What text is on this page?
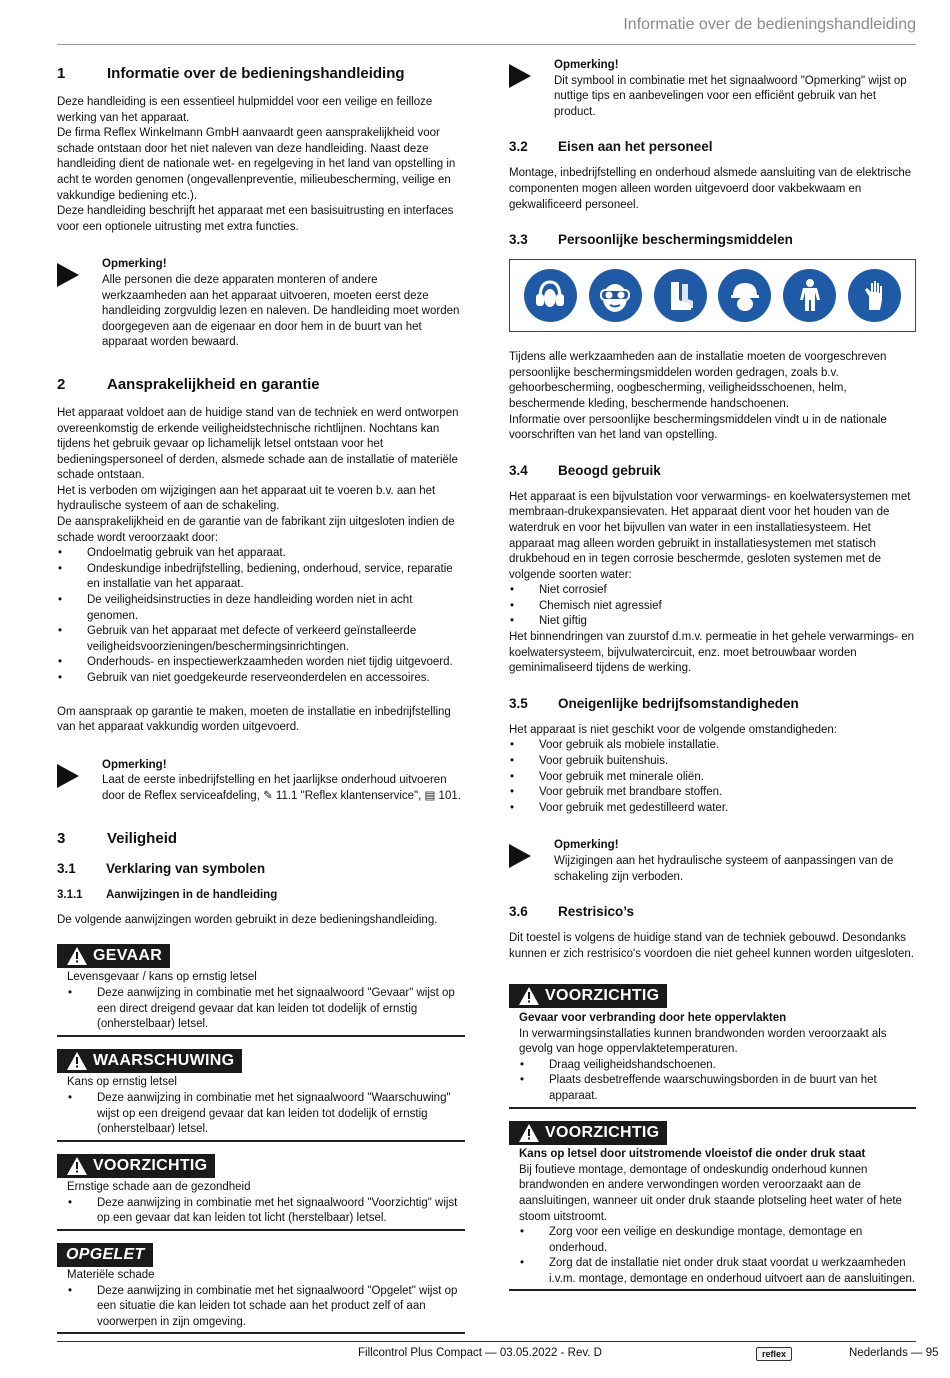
Informatie over de bedieningshandleiding
1	Informatie over de bedieningshandleiding

Deze handleiding is een essentieel hulpmiddel voor een veilige en feilloze werking van het apparaat.

De firma Reflex Winkelmann GmbH aanvaardt geen aansprakelijkheid voor schade ontstaan door het niet naleven van deze handleiding. Naast deze handleiding dient de nationale wet- en regelgeving in het land van opstelling in acht te worden genomen (ongevallenpreventie, milieubescherming, veilige en vakkundige bediening etc.).

Deze handleiding beschrijft het apparaat met een basisuitrusting en interfaces voor een optionele uitrusting met extra functies.

Opmerking!

Alle personen die deze apparaten monteren of andere werkzaamheden aan het apparaat uitvoeren, moeten eerst deze handleiding zorgvuldig lezen en naleven. De handleiding moet worden doorgegeven aan de eigenaar en door hem in de buurt van het apparaat worden bewaard.

2	Aansprakelijkheid en garantie

Het apparaat voldoet aan de huidige stand van de techniek en werd ontworpen overeenkomstig de erkende veiligheidstechnische richtlijnen. Nochtans kan tijdens het gebruik gevaar op lichamelijk letsel ontstaan voor het bedieningspersoneel of derden, alsmede schade aan de installatie of materiële schade ontstaan.

Het is verboden om wijzigingen aan het apparaat uit te voeren b.v. aan het hydraulische systeem of aan de schakeling.

De aansprakelijkheid en de garantie van de fabrikant zijn uitgesloten indien de schade wordt veroorzaakt door:

• Ondoelmatig gebruik van het apparaat.
• Ondeskundige inbedrijfstelling, bediening, onderhoud, service, reparatie en installatie van het apparaat.
• De veiligheidsinstructies in deze handleiding worden niet in acht genomen.
• Gebruik van het apparaat met defecte of verkeerd geïnstalleerde veiligheidsvoorzieningen/beschermingsinrichtingen.
• Onderhouds- en inspectiewerkzaamheden worden niet tijdig uitgevoerd.
• Gebruik van niet goedgekeurde reserveonderdelen en accessoires.

Om aanspraak op garantie te maken, moeten de installatie en inbedrijfstelling van het apparaat vakkundig worden uitgevoerd.

Opmerking!

Laat de eerste inbedrijfstelling en het jaarlijkse onderhoud uitvoeren door de Reflex serviceafdeling, ✎ 11.1 "Reflex klantenservice", ▤ 101.

3	Veiligheid
3.1	Verklaring van symbolen
3.1.1	Aanwijzingen in de handleiding

De volgende aanwijzingen worden gebruikt in deze bedieningshandleiding.

GEVAAR

Levensgevaar / kans op ernstig letsel

• Deze aanwijzing in combinatie met het signaalwoord "Gevaar" wijst op een direct dreigend gevaar dat kan leiden tot dodelijk of ernstig (onherstelbaar) letsel.
WAARSCHUWING

Kans op ernstig letsel

• Deze aanwijzing in combinatie met het signaalwoord "Waarschuwing" wijst op een dreigend gevaar dat kan leiden tot dodelijk of ernstig (onherstelbaar) letsel.
VOORZICHTIG

Ernstige schade aan de gezondheid

• Deze aanwijzing in combinatie met het signaalwoord "Voorzichtig" wijst op een gevaar dat kan leiden tot licht (herstelbaar) letsel.
OPGELET

Materiële schade

• Deze aanwijzing in combinatie met het signaalwoord "Opgelet" wijst op een situatie die kan leiden tot schade aan het product zelf of aan voorwerpen in zijn omgeving.

Opmerking!

Dit symbool in combinatie met het signaalwoord "Opmerking" wijst op nuttige tips en aanbevelingen voor een efficiënt gebruik van het product.

3.2	Eisen aan het personeel

Montage, inbedrijfstelling en onderhoud alsmede aansluiting van de elektrische componenten mogen alleen worden uitgevoerd door vakbekwaam en gekwalificeerd personeel.

3.3	Persoonlijke beschermingsmiddelen

Tijdens alle werkzaamheden aan de installatie moeten de voorgeschreven persoonlijke beschermingsmiddelen worden gedragen, zoals b.v. gehoorbescherming, oogbescherming, veiligheidsschoenen, helm, beschermende kleding, beschermende handschoenen.

Informatie over persoonlijke beschermingsmiddelen vindt u in de nationale voorschriften van het land van opstelling.

3.4	Beoogd gebruik

Het apparaat is een bijvulstation voor verwarmings- en koelwatersystemen met membraan-drukexpansievaten. Het apparaat dient voor het houden van de waterdruk en voor het bijvullen van water in een installatiesysteem. Het apparaat mag alleen worden gebruikt in installatiesystemen met statisch drukbehoud en in tegen corrosie beschermde, gesloten systemen met de volgende soorten water:

• Niet corrosief
• Chemisch niet agressief
• Niet giftig

Het binnendringen van zuurstof d.m.v. permeatie in het gehele verwarmings- en koelwatersysteem, bijvulwatercircuit, enz. moet betrouwbaar worden geminimaliseerd tijdens de werking.

3.5	Oneigenlijke bedrijfsomstandigheden

Het apparaat is niet geschikt voor de volgende omstandigheden:

• Voor gebruik als mobiele installatie.
• Voor gebruik buitenshuis.
• Voor gebruik met minerale oliën.
• Voor gebruik met brandbare stoffen.
• Voor gebruik met gedestilleerd water.

Opmerking!

Wijzigingen aan het hydraulische systeem of aanpassingen van de schakeling zijn verboden.

3.6	Restrisico’s

Dit toestel is volgens de huidige stand van de techniek gebouwd. Desondanks kunnen er zich restrisico's voordoen die niet geheel kunnen worden uitgesloten.

VOORZICHTIG

Gevaar voor verbranding door hete oppervlakten

In verwarmingsinstallaties kunnen brandwonden worden veroorzaakt als gevolg van hoge oppervlaktetemperaturen.

• Draag veiligheidshandschoenen.
• Plaats desbetreffende waarschuwingsborden in de buurt van het apparaat.
VOORZICHTIG

Kans op letsel door uitstromende vloeistof die onder druk staat

Bij foutieve montage, demontage of ondeskundig onderhoud kunnen brandwonden en andere verwondingen worden veroorzaakt aan de aansluitingen, wanneer uit onder druk staande plotseling heet water of hete stoom uitstroomt.

• Zorg voor een veilige en deskundige montage, demontage en onderhoud.
• Zorg dat de installatie niet onder druk staat voordat u werkzaamheden i.v.m. montage, demontage en onderhoud uitvoert aan de aansluitingen.
Fillcontrol Plus Compact — 03.05.2022 - Rev. D	reflex	Nederlands — 95
